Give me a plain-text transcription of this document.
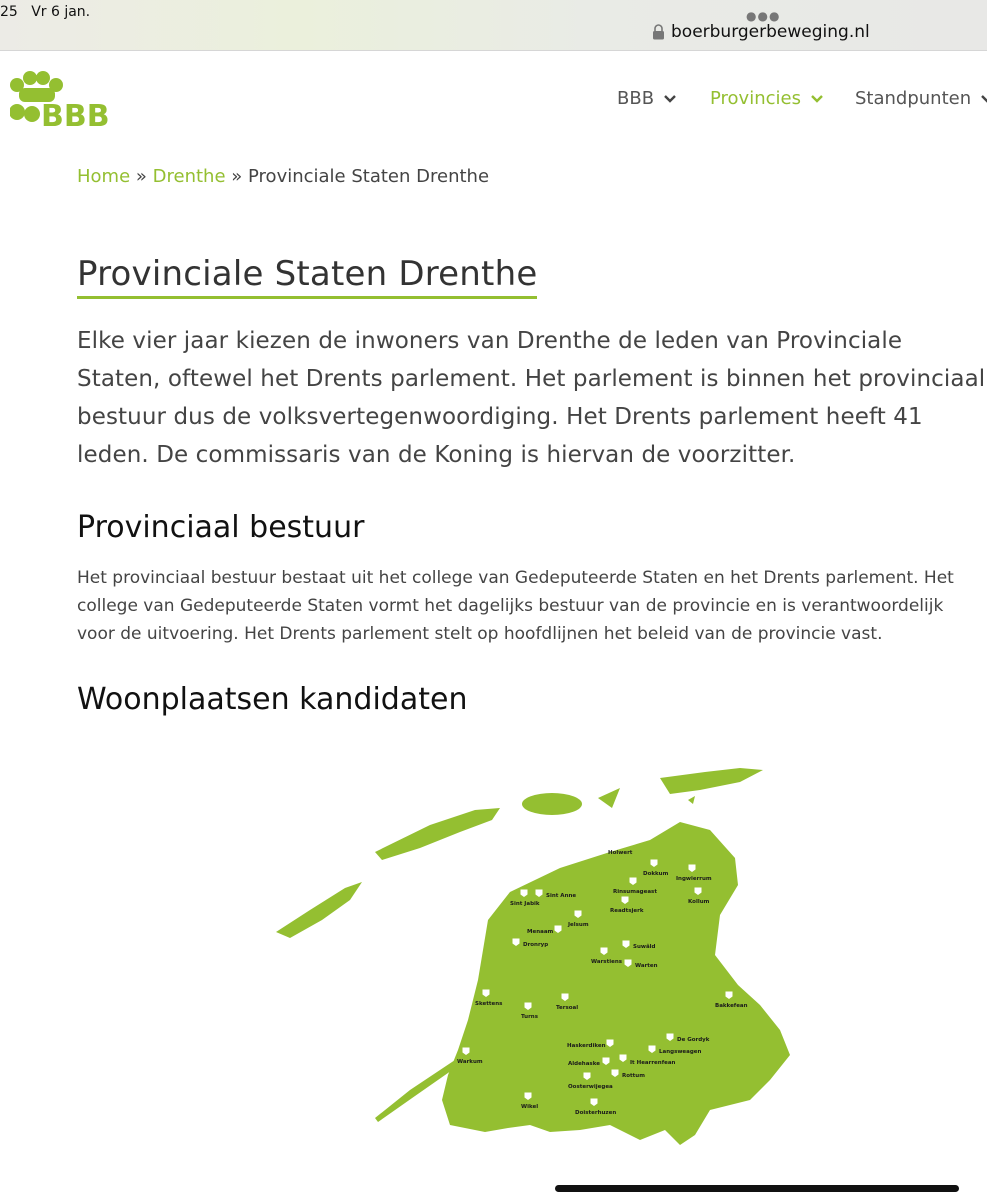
25 Vr 6 jan.	●●●
boerburgerbeweging.nl
BBB
BBB	Provincies	Standpunten
Home » Drenthe » Provinciale Staten Drenthe
Provinciale Staten Drenthe

Elke vier jaar kiezen de inwoners van Drenthe de leden van Provinciale Staten, oftewel het Drents parlement. Het parlement is binnen het provinciaal bestuur dus de volksvertegenwoordiging. Het Drents parlement heeft 41 leden. De commissaris van de Koning is hiervan de voorzitter.

Provinciaal bestuur

Het provinciaal bestuur bestaat uit het college van Gedeputeerde Staten en het Drents parlement. Het college van Gedeputeerde Staten vormt het dagelijks bestuur van de provincie en is verantwoordelijk voor de uitvoering. Het Drents parlement stelt op hoofdlijnen het beleid van de provincie vast.

Woonplaatsen kandidaten
Holwert
Dokkum
Ingwierrum
Rinsumageast
Kollum
Sint Jabik
Sint Anne
Readtsjerk
Jelsum
Menaam
Dronryp	Suwâld
Warstiens
Warten
Skettens
Turns
Tersoal	Bakkefean
De Gordyk
Haskerdiken
Langsweagen
Aldehaske	It Hearrenfean
Rottum
Oosterwijegea
Warkum
Wikel
Doisterhuzen
